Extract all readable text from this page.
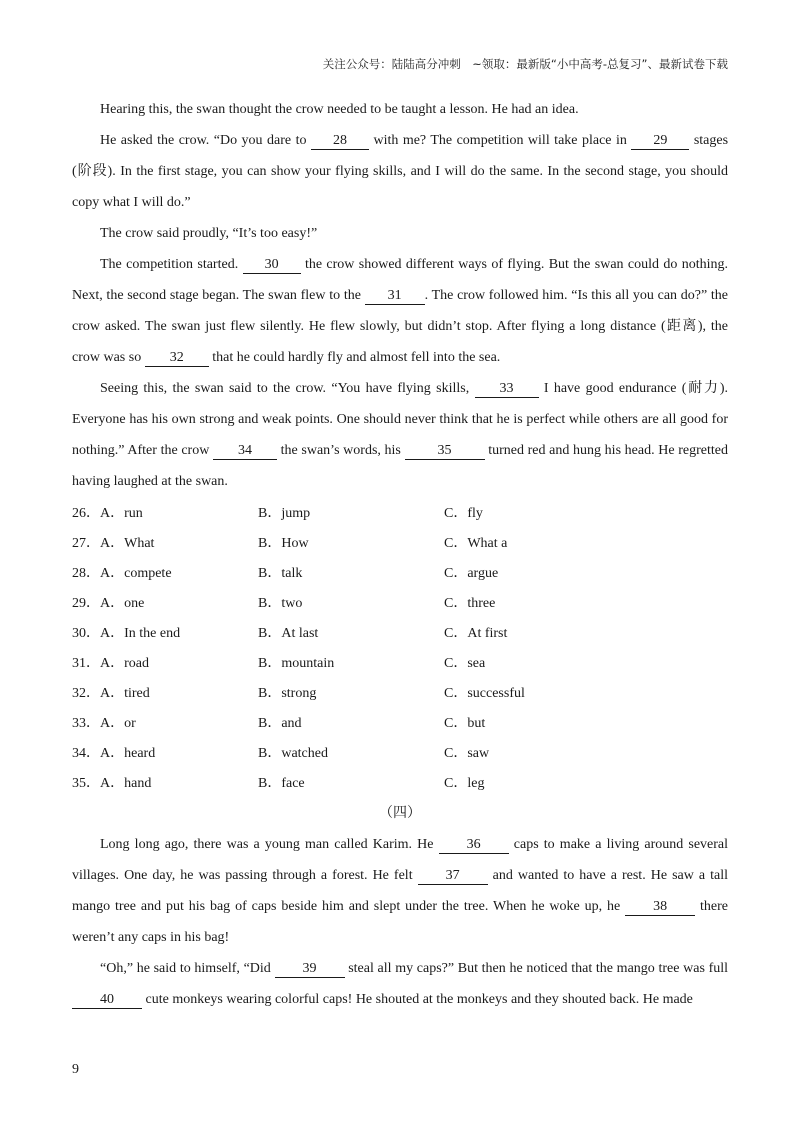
关注公众号：陆陆高分冲刺　~领取：最新版“小中高考-总复习”、最新试卷下载
Hearing this, the swan thought the crow needed to be taught a lesson. He had an idea.
He asked the crow. “Do you dare to 28 with me? The competition will take place in 29 stages (阶段). In the first stage, you can show your flying skills, and I will do the same. In the second stage, you should copy what I will do.”
The crow said proudly, “It’s too easy!”
The competition started. 30 the crow showed different ways of flying. But the swan could do nothing. Next, the second stage began. The swan flew to the 31 . The crow followed him. “Is this all you can do?” the crow asked. The swan just flew silently. He flew slowly, but didn’t stop. After flying a long distance (距离), the crow was so 32 that he could hardly fly and almost fell into the sea.
Seeing this, the swan said to the crow. “You have flying skills, 33 I have good endurance (耐力). Everyone has his own strong and weak points. One should never think that he is perfect while others are all good for nothing.” After the crow 34 the swan’s words, his	35	turned red and hung his head. He regretted having laughed at the swan.
26．A．run	B．jump	C．fly
27．A．What	B．How	C．What a
28．A．compete	B．talk	C．argue
29．A．one	B．two	C．three
30．A．In the end	B．At last	C．At first
31．A．road	B．mountain	C．sea
32．A．tired	B．strong	C．successful
33．A．or	B．and	C．but
34．A．heard	B．watched	C．saw
35．A．hand	B．face	C．leg
（四）
Long long ago, there was a young man called Karim. He 36 caps to make a living around several villages. One day, he was passing through a forest. He felt 37 and wanted to have a rest. He saw a tall mango tree and put his bag of caps beside him and slept under the tree. When he woke up, he 38 there weren’t any caps in his bag!
“Oh,” he said to himself, “Did 39 steal all my caps?” But then he noticed that the mango tree was full 40 cute monkeys wearing colorful caps! He shouted at the monkeys and they shouted back. He made
9
